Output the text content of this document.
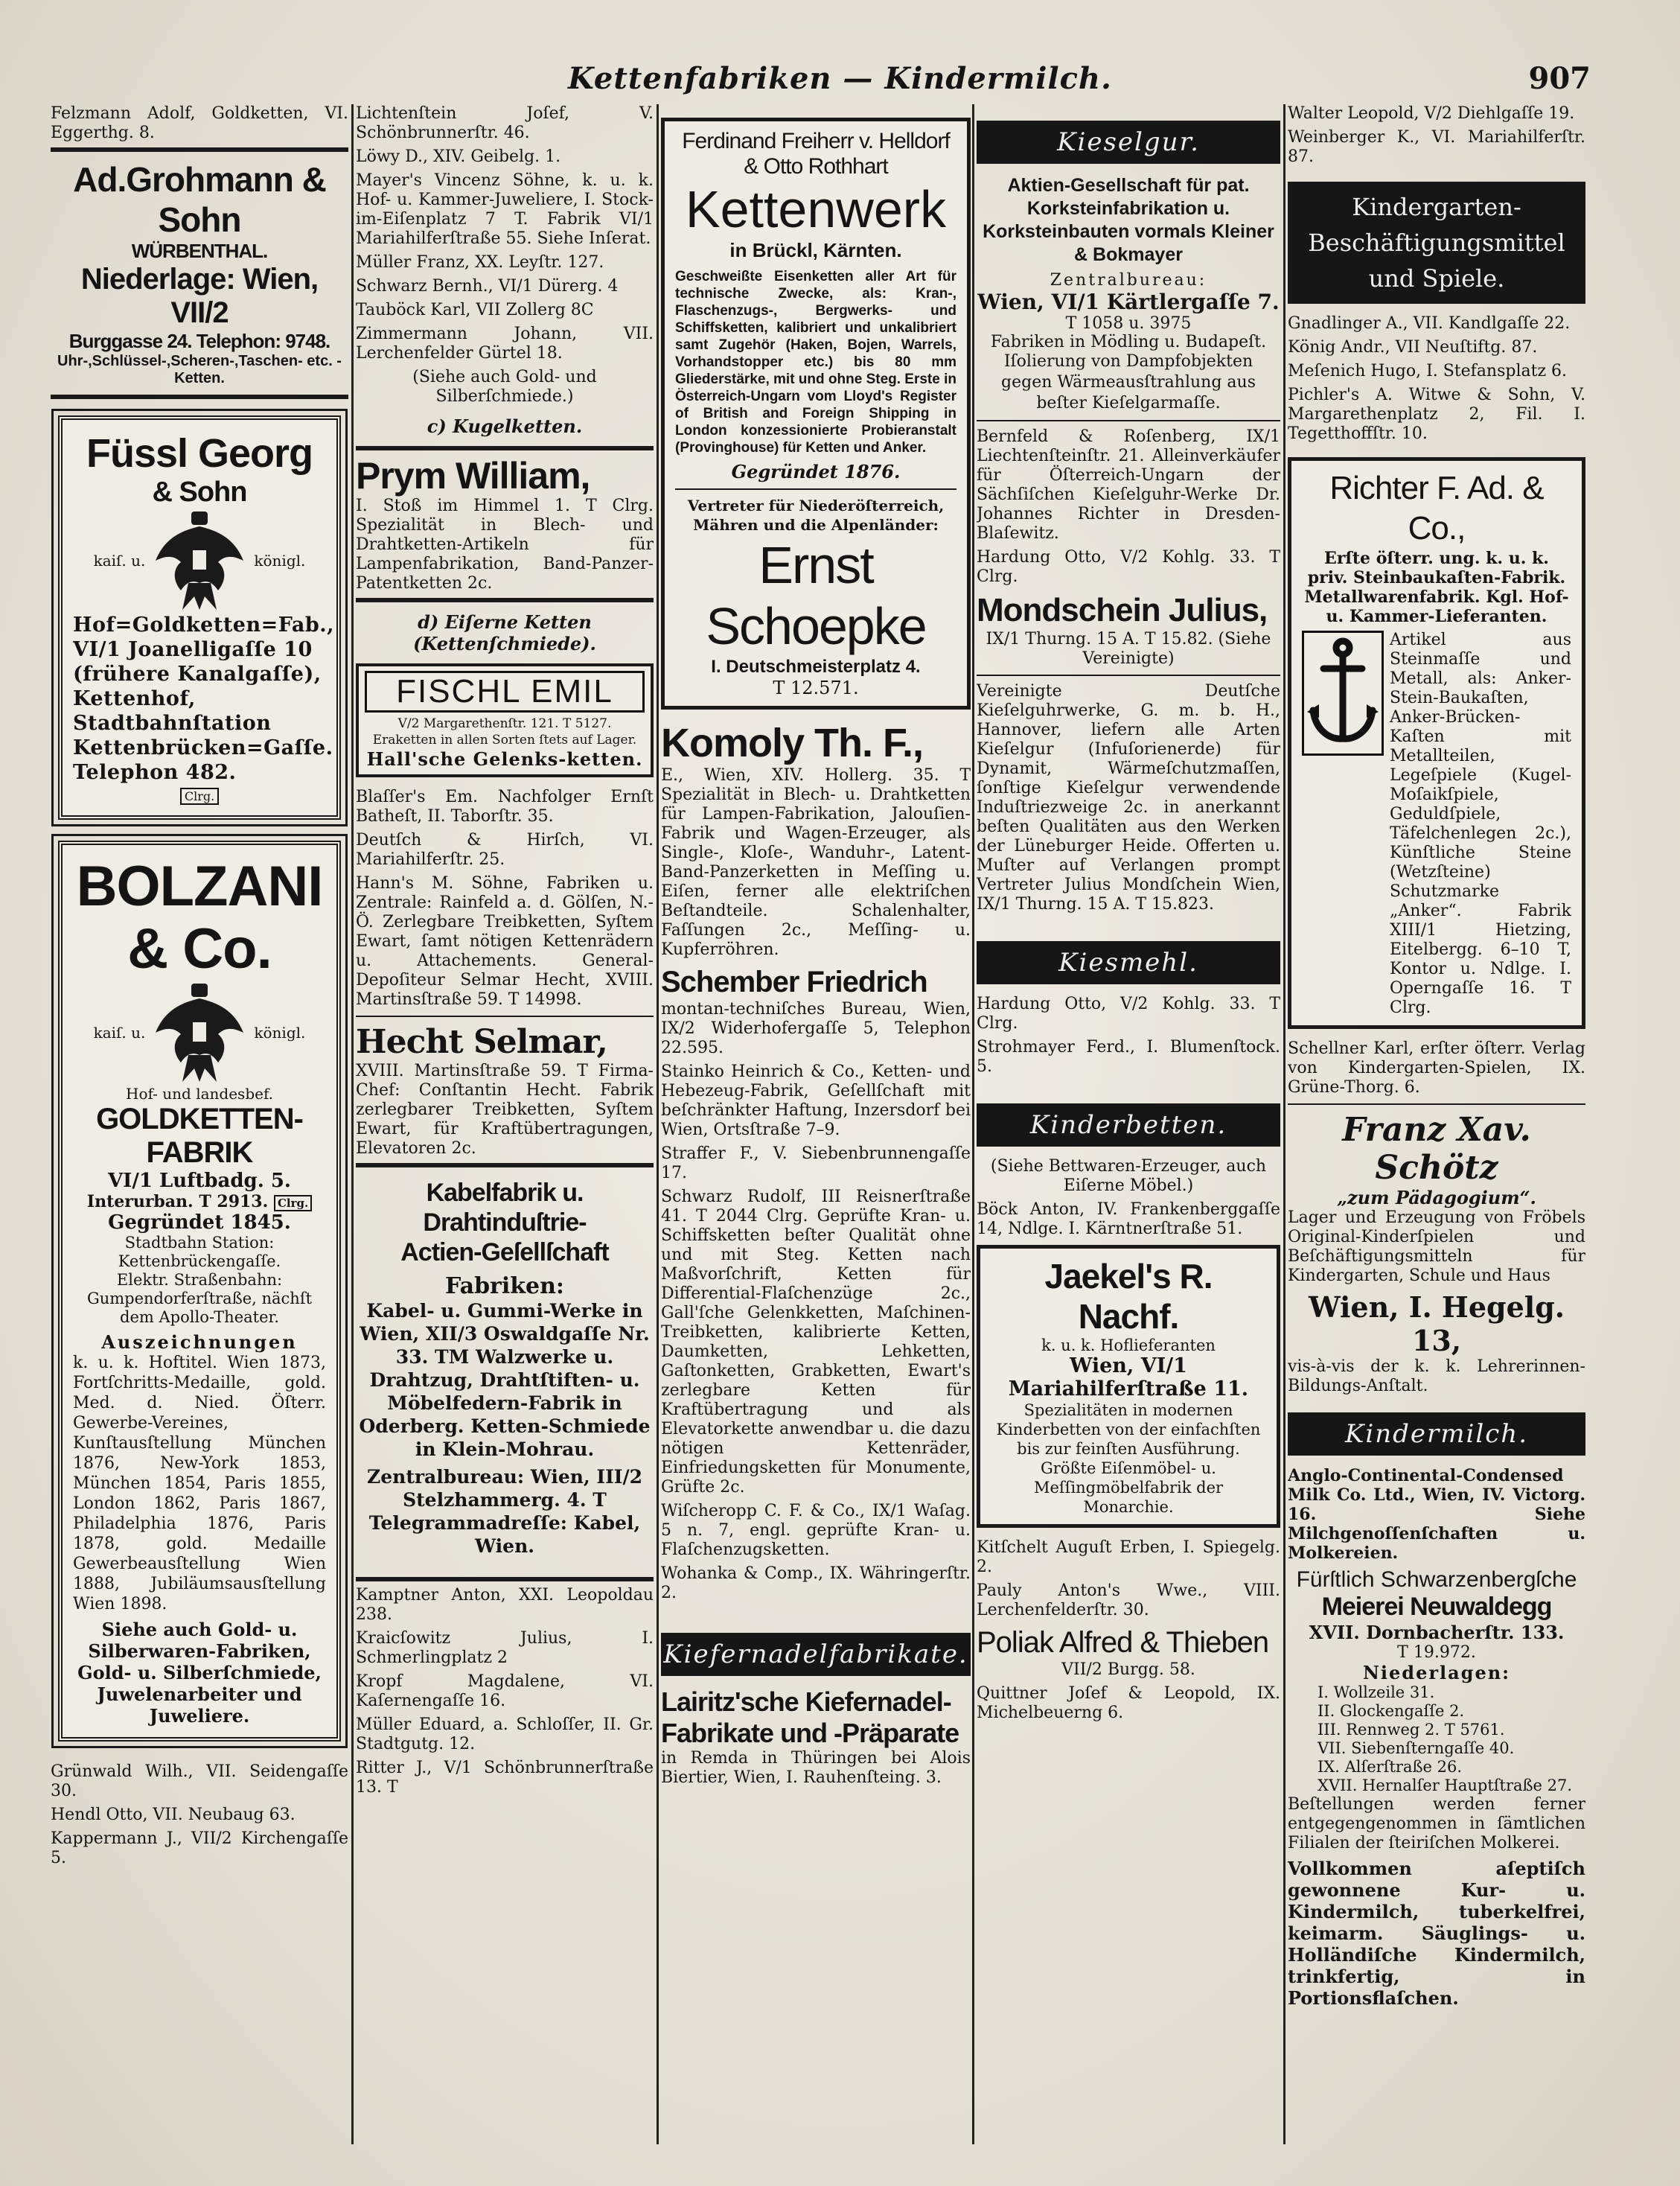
Kettenfabriken — Kindermilch.	907

Felzmann Adolf, Goldketten, VI. Eggerthg. 8.

Ad.Grohmann & Sohn
WÜRBENTHAL.
Niederlage: Wien, VII/2
Burggasse 24. Telephon: 9748.
Uhr-,Schlüssel-,Scheren-,Taschen- etc. -Ketten.
Füssl Georg
& Sohn
kaiſ. u.	königl.
Hof=Goldketten=Fab., VI/1 Joanelligaſſe 10 (frühere Kanalgaſſe), Kettenhof, Stadtbahnſtation Kettenbrücken=Gaſſe. Telephon 482.
Clrg.
BOLZANI
& Co.
kaiſ. u.	königl.
Hof- und landesbef.
GOLDKETTEN-
FABRIK
VI/1 Luftbadg. 5.
Interurban. T 2913. Clrg.
Gegründet 1845.
Stadtbahn Station: Kettenbrückengaſſe.
Elektr. Straßenbahn: Gumpendorferſtraße, nächſt dem Apollo-Theater.
Auszeichnungen
k. u. k. Hoftitel. Wien 1873, Fortſchritts-Medaille, gold. Med. d. Nied. Öſterr. Gewerbe-Vereines, Kunſtausſtellung München 1876, New-York 1853, München 1854, Paris 1855, London 1862, Paris 1867, Philadelphia 1876, Paris 1878, gold. Medaille Gewerbeausſtellung Wien 1888, Jubiläumsausſtellung Wien 1898.
Siehe auch Gold- u. Silberwaren-Fabriken, Gold- u. Silberſchmiede, Juwelenarbeiter und Juweliere.

Grünwald Wilh., VII. Seidengaſſe 30.

Hendl Otto, VII. Neubaug 63.

Kappermann J., VII/2 Kirchengaſſe 5.

Lichtenſtein Joſef, V. Schönbrunnerſtr. 46.

Löwy D., XIV. Geibelg. 1.

Mayer's Vincenz Söhne, k. u. k. Hof- u. Kammer-Juweliere, I. Stock-im-Eiſenplatz 7 T. Fabrik VI/1 Mariahilferſtraße 55. Siehe Inſerat.

Müller Franz, XX. Leyſtr. 127.

Schwarz Bernh., VI/1 Dürerg. 4

Tauböck Karl, VII Zollerg 8C

Zimmermann Johann, VII. Lerchenfelder Gürtel 18.

(Siehe auch Gold- und Silberſchmiede.)

c) Kugelketten.
Prym William,

I. Stoß im Himmel 1. T Clrg. Spezialität in Blech- und Drahtketten-Artikeln für Lampenfabrikation, Band-Panzer-Patentketten 2c.

d) Eiſerne Ketten (Kettenſchmiede).
FISCHL EMIL
V/2 Margarethenſtr. 121. T 5127. Eraketten in allen Sorten ſtets auf Lager.
Hall'sche Gelenks-ketten.

Blaſſer's Em. Nachfolger Ernſt Batheſt, II. Taborſtr. 35.

Deutſch & Hirſch, VI. Mariahilferſtr. 25.

Hann's M. Söhne, Fabriken u. Zentrale: Rainfeld a. d. Gölſen, N.-Ö. Zerlegbare Treibketten, Syſtem Ewart, ſamt nötigen Kettenrädern u. Attachements. General-Depoſiteur Selmar Hecht, XVIII. Martinsſtraße 59. T 14998.

Hecht Selmar,

XVIII. Martinsſtraße 59. T Firma-Chef: Conſtantin Hecht. Fabrik zerlegbarer Treibketten, Syſtem Ewart, für Kraftübertragungen, Elevatoren 2c.

Kabelfabrik u. Drahtinduſtrie-
Actien-Geſellſchaft
Fabriken:

Kabel- u. Gummi-Werke in Wien, XII/3 Oswaldgaſſe Nr. 33. TM Walzwerke u. Drahtzug, Drahtſtiften- u. Möbelfedern-Fabrik in Oderberg. Ketten-Schmiede in Klein-Mohrau.

Zentralbureau: Wien, III/2 Stelzhammerg. 4. T Telegrammadreſſe: Kabel, Wien.

Kamptner Anton, XXI. Leopoldau 238.

Kraicſowitz Julius, I. Schmerlingplatz 2

Kropf Magdalene, VI. Kaſernengaſſe 16.

Müller Eduard, a. Schloſſer, II. Gr. Stadtgutg. 12.

Ritter J., V/1 Schönbrunnerſtraße 13. T

Ferdinand Freiherr v. Helldorf
& Otto Rothhart
Kettenwerk
in Brückl, Kärnten.

Geschweißte Eisenketten aller Art für technische Zwecke, als: Kran-, Flaschenzugs-, Bergwerks- und Schiffsketten, kalibriert und unkalibriert samt Zugehör (Haken, Bojen, Warrels, Vorhandstopper etc.) bis 80 mm Gliederstärke, mit und ohne Steg. Erste in Österreich-Ungarn vom Lloyd's Register of British and Foreign Shipping in London konzessionierte Probieranstalt (Provinghouse) für Ketten und Anker.

Gegründet 1876.
Vertreter für Niederöſterreich, Mähren und die Alpenländer:
Ernst Schoepke
I. Deutschmeisterplatz 4.
T 12.571.
Komoly Th. F.,

E., Wien, XIV. Hollerg. 35. T Spezialität in Blech- u. Drahtketten für Lampen-Fabrikation, Jalouſien-Fabrik und Wagen-Erzeuger, als Single-, Kloſe-, Wanduhr-, Latent-Band-Panzerketten in Meſſing u. Eiſen, ferner alle elektriſchen Beſtandteile. Schalenhalter, Faſſungen 2c., Meſſing- u. Kupferröhren.

Schember Friedrich

montan-techniſches Bureau, Wien, IX/2 Widerhofergaſſe 5, Telephon 22.595.

Stainko Heinrich & Co., Ketten- und Hebezeug-Fabrik, Geſellſchaft mit beſchränkter Haftung, Inzersdorf bei Wien, Ortsſtraße 7–9.

Straffer F., V. Siebenbrunnengaſſe 17.

Schwarz Rudolf, III Reisnerſtraße 41. T 2044 Clrg. Geprüfte Kran- u. Schiffsketten beſter Qualität ohne und mit Steg. Ketten nach Maßvorſchrift, Ketten für Differential-Flaſchenzüge 2c., Gall'ſche Gelenkketten, Maſchinen-Treibketten, kalibrierte Ketten, Daumketten, Lehketten, Gaſtonketten, Grabketten, Ewart's zerlegbare Ketten für Kraftübertragung und als Elevatorkette anwendbar u. die dazu nötigen Kettenräder, Einfriedungsketten für Monumente, Grüfte 2c.

Wiſcheropp C. F. & Co., IX/1 Waſag. 5 n. 7, engl. geprüfte Kran- u. Flaſchenzugsketten.

Wohanka & Comp., IX. Währingerſtr. 2.

Kiefernadelfabrikate.
Lairitz'sche Kiefernadel-
Fabrikate und -Präparate

in Remda in Thüringen bei Alois Biertier, Wien, I. Rauhenſteing. 3.

Kieselgur.
Aktien-Gesellschaft für pat. Korksteinfabrikation u. Korksteinbauten vormals Kleiner & Bokmayer
Zentralbureau:
Wien, VI/1 Kärtlergaſſe 7.
T 1058 u. 3975
Fabriken in Mödling u. Budapeſt.
Iſolierung von Dampfobjekten gegen Wärmeausſtrahlung aus beſter Kieſelgarmaſſe.

Bernfeld & Roſenberg, IX/1 Liechtenſteinſtr. 21. Alleinverkäufer für Öſterreich-Ungarn der Sächſiſchen Kieſelguhr-Werke Dr. Johannes Richter in Dresden-Blaſewitz.

Hardung Otto, V/2 Kohlg. 33. T Clrg.

Mondschein Julius,

IX/1 Thurng. 15 A. T 15.82. (Siehe Vereinigte)

Vereinigte Deutſche Kieſelguhrwerke, G. m. b. H., Hannover, liefern alle Arten Kieſelgur (Infuſorienerde) für Dynamit, Wärmeſchutzmaſſen, ſonſtige Kieſelgur verwendende Induſtriezweige 2c. in anerkannt beſten Qualitäten aus den Werken der Lüneburger Heide. Offerten u. Muſter auf Verlangen prompt Vertreter Julius Mondſchein Wien, IX/1 Thurng. 15 A. T 15.823.

Kiesmehl.

Hardung Otto, V/2 Kohlg. 33. T Clrg.

Strohmayer Ferd., I. Blumenſtock. 5.

Kinderbetten.

(Siehe Bettwaren-Erzeuger, auch Eiſerne Möbel.)

Böck Anton, IV. Frankenberggaſſe 14, Ndlge. I. Kärntnerſtraße 51.

Jaekel's R. Nachf.
k. u. k. Hoflieferanten
Wien, VI/1 Mariahilferſtraße 11.
Spezialitäten in modernen Kinderbetten von der einfachſten bis zur feinſten Ausführung. Größte Eiſenmöbel- u. Meſſingmöbelfabrik der Monarchie.

Kitſchelt Auguſt Erben, I. Spiegelg. 2.

Pauly Anton's Wwe., VIII. Lerchenfelderſtr. 30.

Poliak Alfred & Thieben

VII/2 Burgg. 58.

Quittner Joſef & Leopold, IX. Michelbeuerng 6.

Walter Leopold, V/2 Diehlgaſſe 19.

Weinberger K., VI. Mariahilferſtr. 87.

Kindergarten-
Beschäftigungsmittel
und Spiele.

Gnadlinger A., VII. Kandlgaſſe 22.

König Andr., VII Neuſtiftg. 87.

Meſenich Hugo, I. Stefansplatz 6.

Pichler's A. Witwe & Sohn, V. Margarethenplatz 2, Fil. I. Tegetthoffſtr. 10.

Richter F. Ad. & Co.,

Erſte öſterr. ung. k. u. k. priv. Steinbaukaſten-Fabrik. Metallwarenfabrik. Kgl. Hof- u. Kammer-Lieferanten.

Artikel aus Steinmaſſe und Metall, als: Anker-Stein-Baukaſten, Anker-Brücken-Kaſten mit Metallteilen, Legeſpiele (Kugel-Moſaikſpiele, Geduldſpiele, Täfelchenlegen 2c.), Künſtliche Steine (Wetzſteine) Schutzmarke „Anker“. Fabrik XIII/1 Hietzing, Eitelbergg. 6–10 T, Kontor u. Ndlge. I. Operngaſſe 16. T Clrg.

Schellner Karl, erſter öſterr. Verlag von Kindergarten-Spielen, IX. Grüne-Thorg. 6.

Franz Xav. Schötz
„zum Pädagogium“.

Lager und Erzeugung von Fröbels Original-Kinderſpielen und Beſchäftigungsmitteln für Kindergarten, Schule und Haus

Wien, I. Hegelg. 13,

vis-à-vis der k. k. Lehrerinnen-Bildungs-Anſtalt.

Kindermilch.

Anglo-Continental-Condensed Milk Co. Ltd., Wien, IV. Victorg. 16. Siehe Milchgenoſſenſchaften u. Molkereien.

Fürſtlich Schwarzenbergſche
Meierei Neuwaldegg
XVII. Dornbacherſtr. 133.
T 19.972.
Niederlagen:
I. Wollzeile 31.
II. Glockengaſſe 2.
III. Rennweg 2. T 5761.
VII. Siebenſterngaſſe 40.
IX. Alſerſtraße 26.
XVII. Hernalſer Hauptſtraße 27.

Beſtellungen werden ferner entgegengenommen in ſämtlichen Filialen der ſteiriſchen Molkerei.

Vollkommen aſeptiſch gewonnene Kur- u. Kindermilch, tuberkelfrei, keimarm. Säuglings- u. Holländiſche Kindermilch, trinkfertig, in Portionsflaſchen.
